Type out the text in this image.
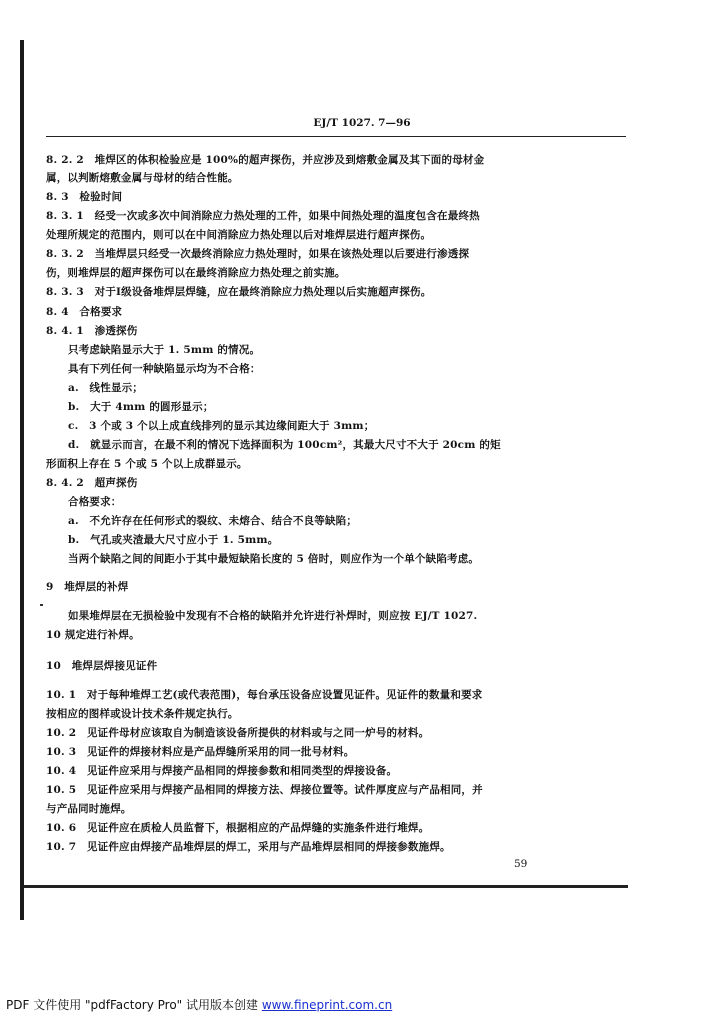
EJ/T 1027. 7—96
8. 2. 2　堆焊区的体积检验应是 100%的超声探伤，并应涉及到熔敷金属及其下面的母材金
属，以判断熔敷金属与母材的结合性能。
8. 3　检验时间
8. 3. 1　经受一次或多次中间消除应力热处理的工件，如果中间热处理的温度包含在最终热
处理所规定的范围内，则可以在中间消除应力热处理以后对堆焊层进行超声探伤。
8. 3. 2　当堆焊层只经受一次最终消除应力热处理时，如果在该热处理以后要进行渗透探
伤，则堆焊层的超声探伤可以在最终消除应力热处理之前实施。
8. 3. 3　对于Ⅰ级设备堆焊层焊缝，应在最终消除应力热处理以后实施超声探伤。
8. 4　合格要求
8. 4. 1　渗透探伤
只考虑缺陷显示大于 1. 5mm 的情况。
具有下列任何一种缺陷显示均为不合格：
a.　线性显示；
b.　大于 4mm 的圆形显示；
c.　3 个或 3 个以上成直线排列的显示其边缘间距大于 3mm；
d.　就显示而言，在最不利的情况下选择面积为 100cm²，其最大尺寸不大于 20cm 的矩
形面积上存在 5 个或 5 个以上成群显示。
8. 4. 2　超声探伤
合格要求：
a.　不允许存在任何形式的裂纹、未熔合、结合不良等缺陷；
b.　气孔或夹渣最大尺寸应小于 1. 5mm。
当两个缺陷之间的间距小于其中最短缺陷长度的 5 倍时，则应作为一个单个缺陷考虑。
9　堆焊层的补焊
如果堆焊层在无损检验中发现有不合格的缺陷并允许进行补焊时，则应按 EJ/T 1027.
10 规定进行补焊。
10　堆焊层焊接见证件
10. 1　对于每种堆焊工艺(或代表范围)，每台承压设备应设置见证件。见证件的数量和要求
按相应的图样或设计技术条件规定执行。
10. 2　见证件母材应该取自为制造该设备所提供的材料或与之同一炉号的材料。
10. 3　见证件的焊接材料应是产品焊缝所采用的同一批号材料。
10. 4　见证件应采用与焊接产品相同的焊接参数和相同类型的焊接设备。
10. 5　见证件应采用与焊接产品相同的焊接方法、焊接位置等。试件厚度应与产品相同，并
与产品同时施焊。
10. 6　见证件应在质检人员监督下，根据相应的产品焊缝的实施条件进行堆焊。
10. 7　见证件应由焊接产品堆焊层的焊工，采用与产品堆焊层相同的焊接参数施焊。
59
PDF 文件使用 "pdfFactory Pro" 试用版本创建 www.fineprint.com.cn
